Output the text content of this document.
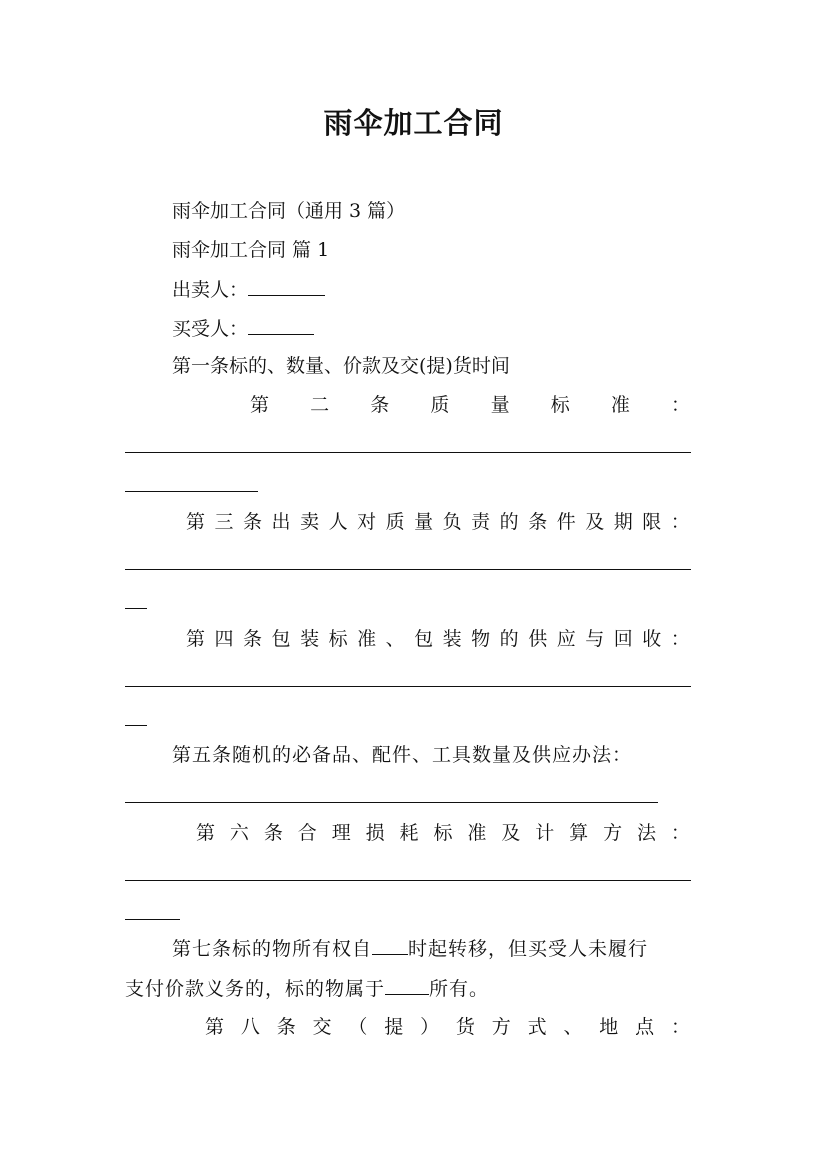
雨伞加工合同
雨伞加工合同（通用 3 篇）
雨伞加工合同 篇 1
出卖人：
买受人：
第一条标的、数量、价款及交(提)货时间
第 二 条 质 量 标 准 ：
第 三 条 出 卖 人 对 质 量 负 责 的 条 件 及 期 限 ：
第 四 条 包 装 标 准 、 包 装 物 的 供 应 与 回 收 ：
第五条随机的必备品、配件、工具数量及供应办法：
第 六 条 合 理 损 耗 标 准 及 计 算 方 法 ：
第七条标的物所有权自 时起转移，但买受人未履行
支付价款义务的，标的物属于 所有。
第 八 条 交 （ 提 ） 货 方 式 、 地 点 ：
